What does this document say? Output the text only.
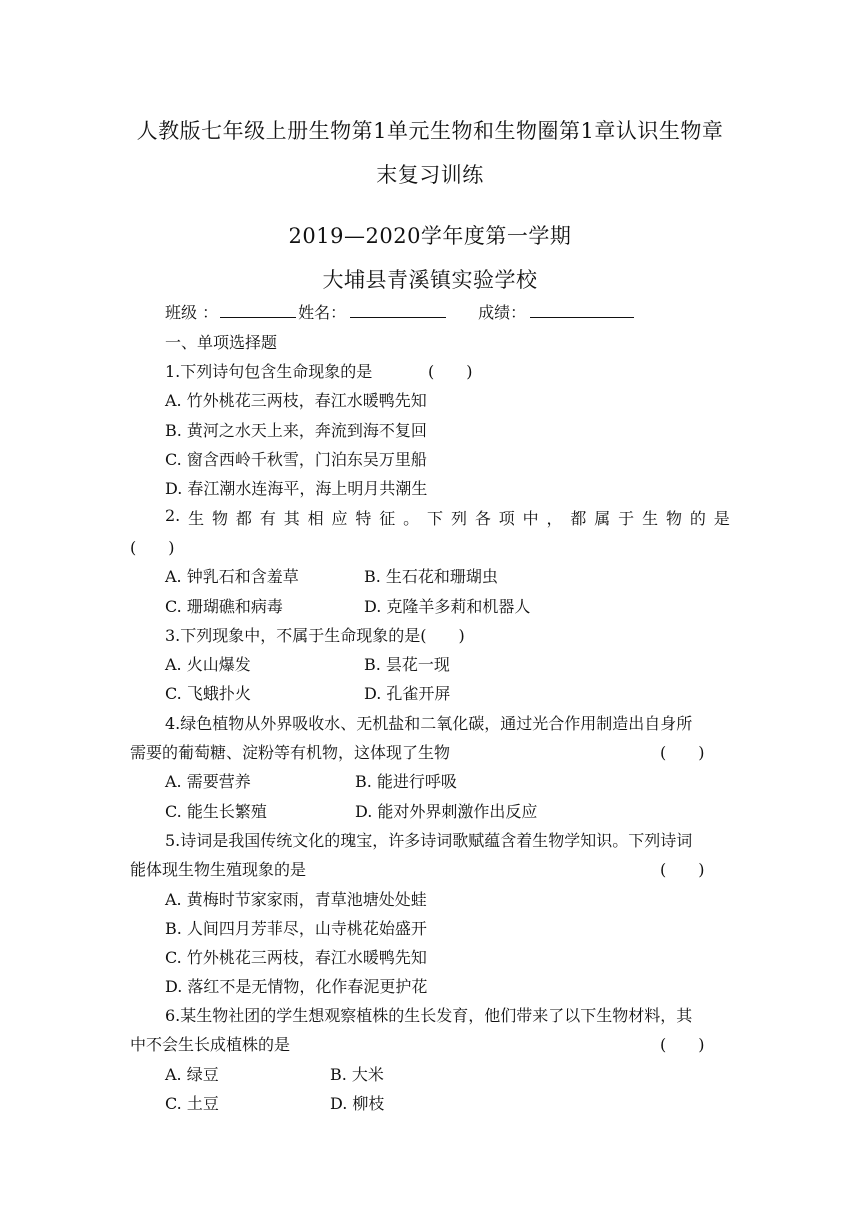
人教版七年级上册生物第1单元生物和生物圈第1章认识生物章
末复习训练
2019—2020学年度第一学期
大埔县青溪镇实验学校
班级 ：	姓名：	成绩：
一、单项选择题
1.下列诗句包含生命现象的是	(　　)
A. 竹外桃花三两枝，春江水暖鸭先知
B. 黄河之水天上来，奔流到海不复回
C. 窗含西岭千秋雪，门泊东吴万里船
D. 春江潮水连海平，海上明月共潮生
2. 生 物 都 有 其 相 应 特 征 。 下 列 各 项 中 ， 都 属 于 生 物 的 是
(　　)
A. 钟乳石和含羞草	B. 生石花和珊瑚虫
C. 珊瑚礁和病毒	D. 克隆羊多莉和机器人
3.下列现象中，不属于生命现象的是(　　)
A. 火山爆发	B. 昙花一现
C. 飞蛾扑火	D. 孔雀开屏
4.绿色植物从外界吸收水、无机盐和二氧化碳，通过光合作用制造出自身所
需要的葡萄糖、淀粉等有机物，这体现了生物	(　　)
A. 需要营养	B. 能进行呼吸
C. 能生长繁殖	D. 能对外界刺激作出反应
5.诗词是我国传统文化的瑰宝，许多诗词歌赋蕴含着生物学知识。下列诗词
能体现生物生殖现象的是	(　　)
A. 黄梅时节家家雨，青草池塘处处蛙
B. 人间四月芳菲尽，山寺桃花始盛开
C. 竹外桃花三两枝，春江水暖鸭先知
D. 落红不是无情物，化作春泥更护花
6.某生物社团的学生想观察植株的生长发育，他们带来了以下生物材料，其
中不会生长成植株的是	(　　)
A. 绿豆	B. 大米
C. 土豆	D. 柳枝
